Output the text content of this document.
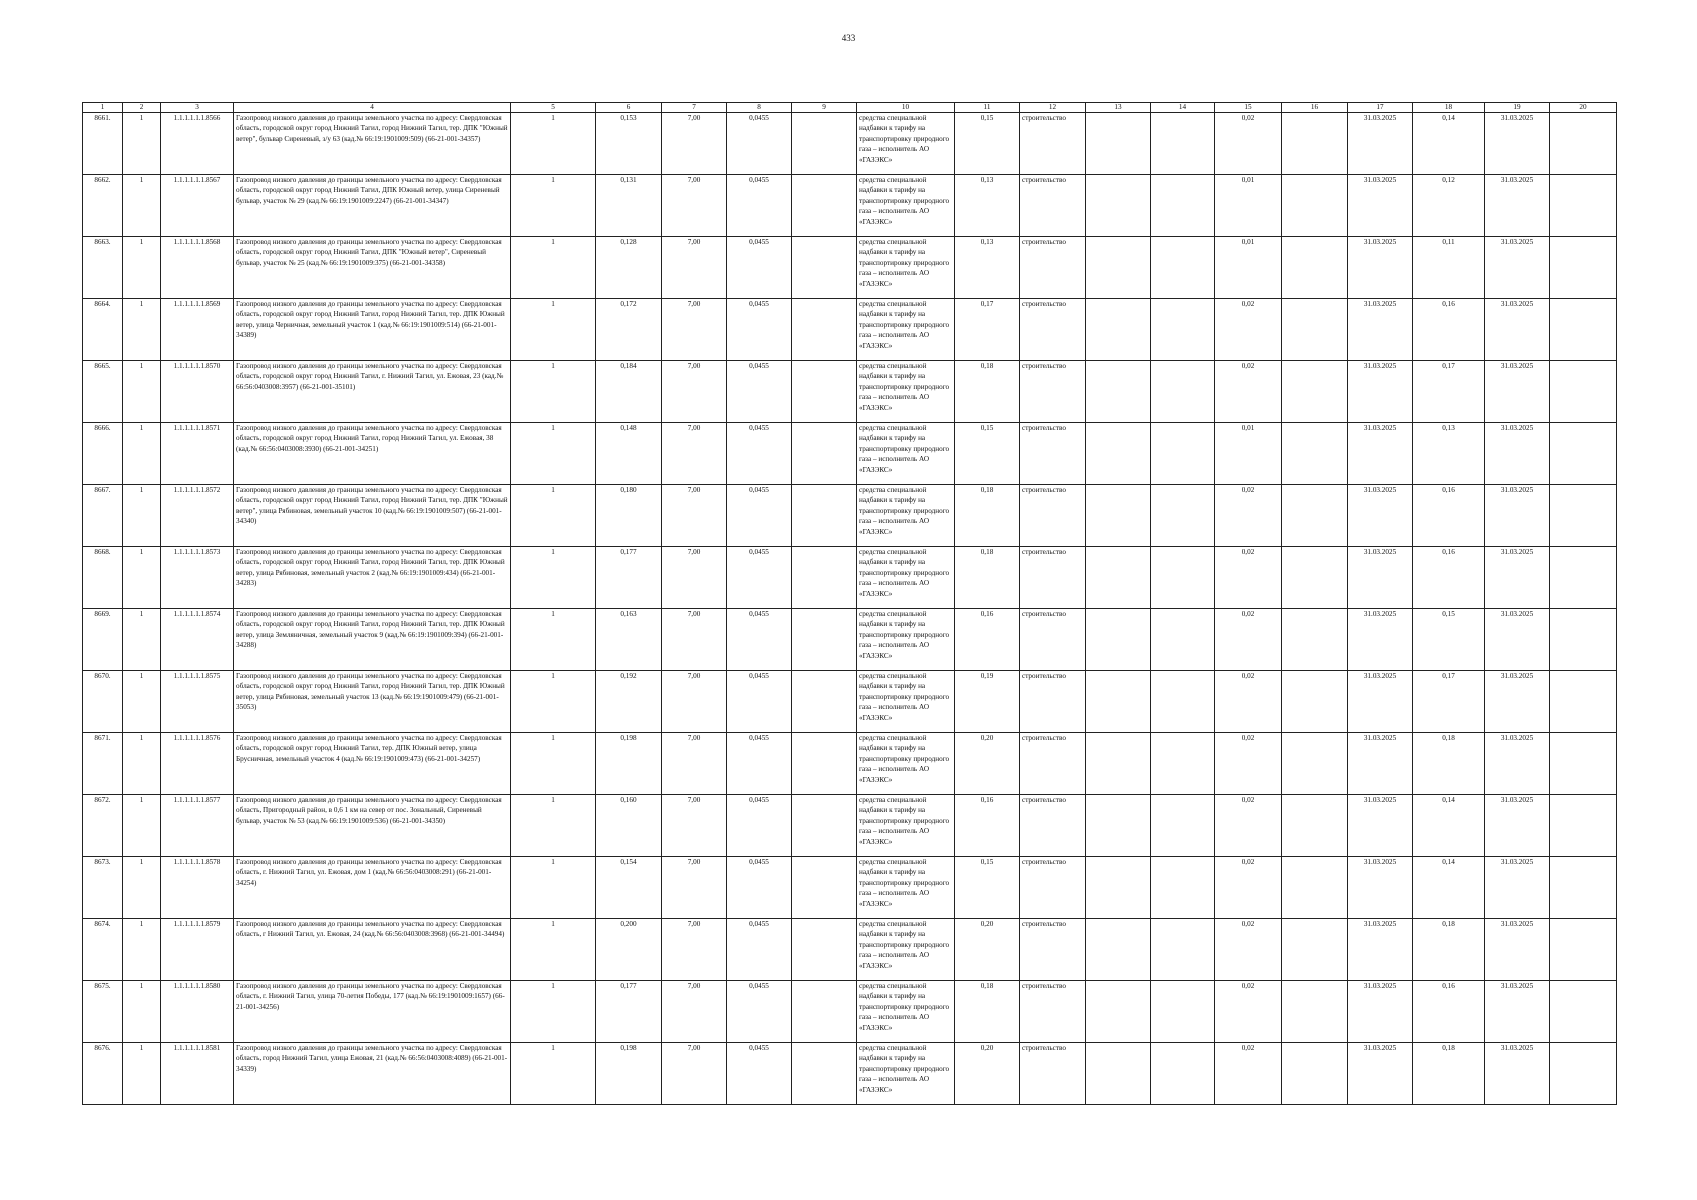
433
1	2	3	4	5	6	7	8	9	10	11	12	13	14	15	16	17	18	19	20
8661.	1	1.1.1.1.1.1.8566	Газопровод низкого давления до границы земельного участка по адресу: Свердловская область, городской округ город Нижний Тагил, город Нижний Тагил, тер. ДПК "Южный ветер", бульвар Сиреневый, з/у 63 (кад.№ 66:19:1901009:509) (66-21-001-34357)	1	0,153	7,00	0,0455		средства специальной надбавки к тарифу на транспортировку природного газа – исполнитель АО «ГАЗЭКС»	0,15	строительство			0,02		31.03.2025	0,14	31.03.2025	
8662.	1	1.1.1.1.1.1.8567	Газопровод низкого давления до границы земельного участка по адресу: Свердловская область, городской округ город Нижний Тагил, ДПК Южный ветер, улица Сиреневый бульвар, участок № 29 (кад.№ 66:19:1901009:2247) (66-21-001-34347)	1	0,131	7,00	0,0455		средства специальной надбавки к тарифу на транспортировку природного газа – исполнитель АО «ГАЗЭКС»	0,13	строительство			0,01		31.03.2025	0,12	31.03.2025	
8663.	1	1.1.1.1.1.1.8568	Газопровод низкого давления до границы земельного участка по адресу: Свердловская область, городской округ город Нижний Тагил, ДПК "Южный ветер", Сиреневый бульвар, участок № 25 (кад.№ 66:19:1901009:375) (66-21-001-34358)	1	0,128	7,00	0,0455		средства специальной надбавки к тарифу на транспортировку природного газа – исполнитель АО «ГАЗЭКС»	0,13	строительство			0,01		31.03.2025	0,11	31.03.2025	
8664.	1	1.1.1.1.1.1.8569	Газопровод низкого давления до границы земельного участка по адресу: Свердловская область, городской округ город Нижний Тагил, город Нижний Тагил, тер. ДПК Южный ветер, улица Черничная, земельный участок 1 (кад.№ 66:19:1901009:514) (66-21-001-34389)	1	0,172	7,00	0,0455		средства специальной надбавки к тарифу на транспортировку природного газа – исполнитель АО «ГАЗЭКС»	0,17	строительство			0,02		31.03.2025	0,16	31.03.2025	
8665.	1	1.1.1.1.1.1.8570	Газопровод низкого давления до границы земельного участка по адресу: Свердловская область, городской округ город Нижний Тагил, г. Нижний Тагил, ул. Ежовая, 23 (кад.№ 66:56:0403008:3957) (66-21-001-35101)	1	0,184	7,00	0,0455		средства специальной надбавки к тарифу на транспортировку природного газа – исполнитель АО «ГАЗЭКС»	0,18	строительство			0,02		31.03.2025	0,17	31.03.2025	
8666.	1	1.1.1.1.1.1.8571	Газопровод низкого давления до границы земельного участка по адресу: Свердловская область, городской округ город Нижний Тагил, город Нижний Тагил, ул. Ежовая, 38 (кад.№ 66:56:0403008:3930) (66-21-001-34251)	1	0,148	7,00	0,0455		средства специальной надбавки к тарифу на транспортировку природного газа – исполнитель АО «ГАЗЭКС»	0,15	строительство			0,01		31.03.2025	0,13	31.03.2025	
8667.	1	1.1.1.1.1.1.8572	Газопровод низкого давления до границы земельного участка по адресу: Свердловская область, городской округ город Нижний Тагил, город Нижний Тагил, тер. ДПК "Южный ветер", улица Рябиновая, земельный участок 10 (кад.№ 66:19:1901009:507) (66-21-001-34340)	1	0,180	7,00	0,0455		средства специальной надбавки к тарифу на транспортировку природного газа – исполнитель АО «ГАЗЭКС»	0,18	строительство			0,02		31.03.2025	0,16	31.03.2025	
8668.	1	1.1.1.1.1.1.8573	Газопровод низкого давления до границы земельного участка по адресу: Свердловская область, городской округ город Нижний Тагил, город Нижний Тагил, тер. ДПК Южный ветер, улица Рябиновая, земельный участок 2 (кад.№ 66:19:1901009:434) (66-21-001-34283)	1	0,177	7,00	0,0455		средства специальной надбавки к тарифу на транспортировку природного газа – исполнитель АО «ГАЗЭКС»	0,18	строительство			0,02		31.03.2025	0,16	31.03.2025	
8669.	1	1.1.1.1.1.1.8574	Газопровод низкого давления до границы земельного участка по адресу: Свердловская область, городской округ город Нижний Тагил, город Нижний Тагил, тер. ДПК Южный ветер, улица Земляничная, земельный участок 9 (кад.№ 66:19:1901009:394) (66-21-001-34288)	1	0,163	7,00	0,0455		средства специальной надбавки к тарифу на транспортировку природного газа – исполнитель АО «ГАЗЭКС»	0,16	строительство			0,02		31.03.2025	0,15	31.03.2025	
8670.	1	1.1.1.1.1.1.8575	Газопровод низкого давления до границы земельного участка по адресу: Свердловская область, городской округ город Нижний Тагил, город Нижний Тагил, тер. ДПК Южный ветер, улица Рябиновая, земельный участок 13 (кад.№ 66:19:1901009:479) (66-21-001-35053)	1	0,192	7,00	0,0455		средства специальной надбавки к тарифу на транспортировку природного газа – исполнитель АО «ГАЗЭКС»	0,19	строительство			0,02		31.03.2025	0,17	31.03.2025	
8671.	1	1.1.1.1.1.1.8576	Газопровод низкого давления до границы земельного участка по адресу: Свердловская область, городской округ город Нижний Тагил, тер. ДПК Южный ветер, улица Брусничная, земельный участок 4 (кад.№ 66:19:1901009:473) (66-21-001-34257)	1	0,198	7,00	0,0455		средства специальной надбавки к тарифу на транспортировку природного газа – исполнитель АО «ГАЗЭКС»	0,20	строительство			0,02		31.03.2025	0,18	31.03.2025	
8672.	1	1.1.1.1.1.1.8577	Газопровод низкого давления до границы земельного участка по адресу: Свердловская область, Пригородный район, в 0,6 1 км на север от пос. Зональный, Сиреневый бульвар, участок № 53 (кад.№ 66:19:1901009:536) (66-21-001-34350)	1	0,160	7,00	0,0455		средства специальной надбавки к тарифу на транспортировку природного газа – исполнитель АО «ГАЗЭКС»	0,16	строительство			0,02		31.03.2025	0,14	31.03.2025	
8673.	1	1.1.1.1.1.1.8578	Газопровод низкого давления до границы земельного участка по адресу: Свердловская область, г. Нижний Тагил, ул. Ежовая, дом 1 (кад.№ 66:56:0403008:291) (66-21-001-34254)	1	0,154	7,00	0,0455		средства специальной надбавки к тарифу на транспортировку природного газа – исполнитель АО «ГАЗЭКС»	0,15	строительство			0,02		31.03.2025	0,14	31.03.2025	
8674.	1	1.1.1.1.1.1.8579	Газопровод низкого давления до границы земельного участка по адресу: Свердловская область, г Нижний Тагил, ул. Ежовая, 24 (кад.№ 66:56:0403008:3968) (66-21-001-34494)	1	0,200	7,00	0,0455		средства специальной надбавки к тарифу на транспортировку природного газа – исполнитель АО «ГАЗЭКС»	0,20	строительство			0,02		31.03.2025	0,18	31.03.2025	
8675.	1	1.1.1.1.1.1.8580	Газопровод низкого давления до границы земельного участка по адресу: Свердловская область, г. Нижний Тагил, улица 70-летия Победы, 177 (кад.№ 66:19:1901009:1657) (66-21-001-34256)	1	0,177	7,00	0,0455		средства специальной надбавки к тарифу на транспортировку природного газа – исполнитель АО «ГАЗЭКС»	0,18	строительство			0,02		31.03.2025	0,16	31.03.2025	
8676.	1	1.1.1.1.1.1.8581	Газопровод низкого давления до границы земельного участка по адресу: Свердловская область, город Нижний Тагил, улица Ежовая, 21 (кад.№ 66:56:0403008:4089) (66-21-001-34339)	1	0,198	7,00	0,0455		средства специальной надбавки к тарифу на транспортировку природного газа – исполнитель АО «ГАЗЭКС»	0,20	строительство			0,02		31.03.2025	0,18	31.03.2025	
